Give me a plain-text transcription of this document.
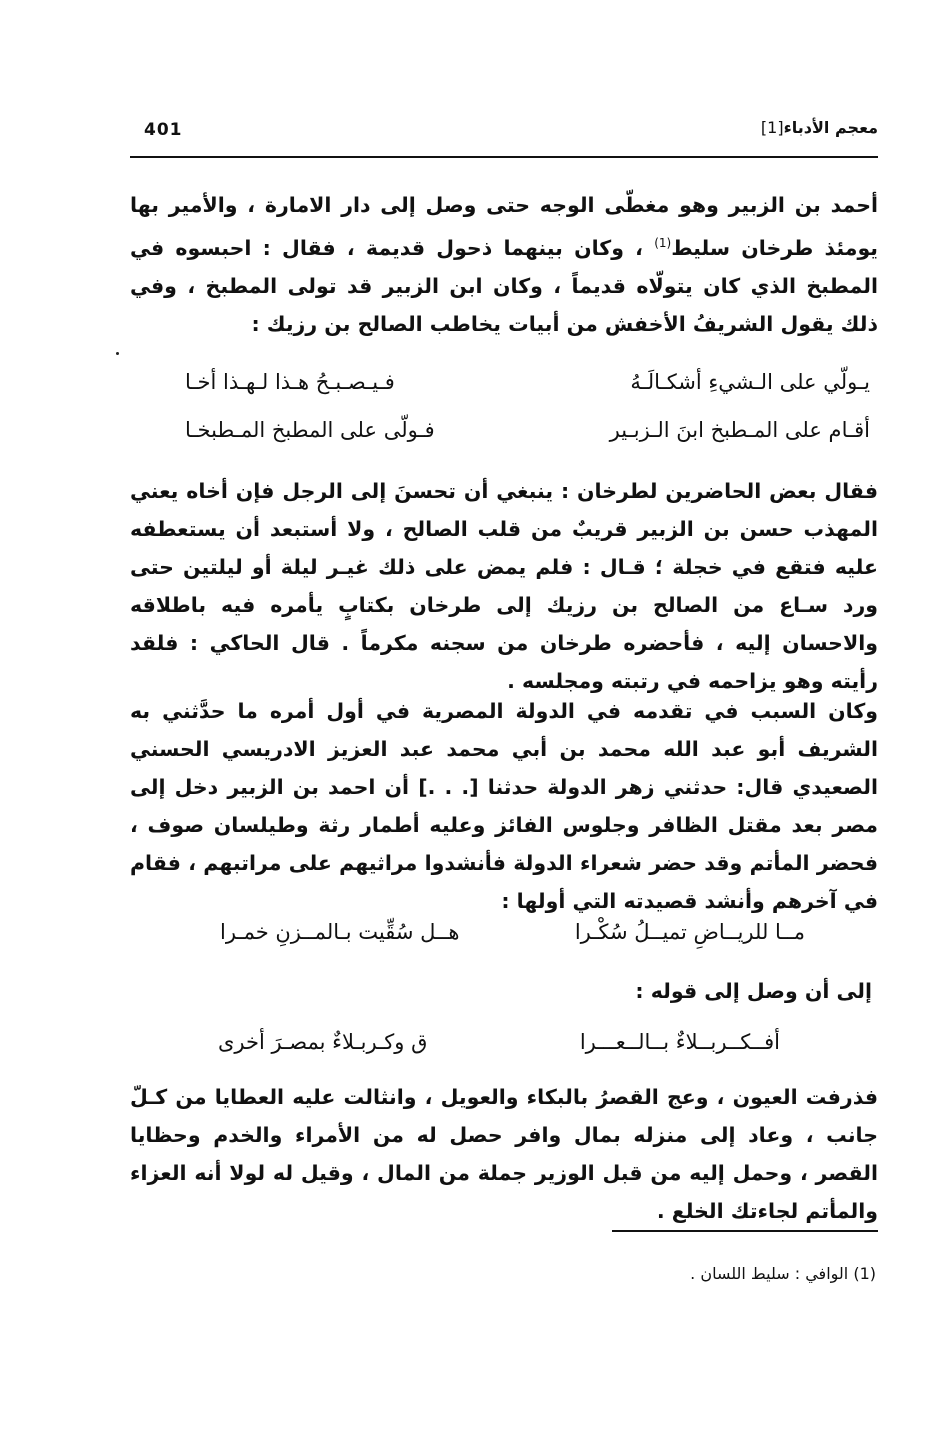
401	معجم الأدباء[1]

أحمد بن الزبير وهو مغطّى الوجه حتى وصل إلى دار الامارة ، والأمير بها يومئذ طرخان سليط$^{(1)}$ ، وكان بينهما ذحول قديمة ، فقال : احبسوه في المطبخ الذي كان يتولّاه قديماً ، وكان ابن الزبير قد تولى المطبخ ، وفي ذلك يقول الشريفُ الأخفش من أبيات يخاطب الصالح بن رزيك :

يـولّي على الـشيءِ أشكـالَـهُ
فـيـصـبـحُ هـذا لـهـذا أخـا
أقـام على المـطبخ ابنَ الـزبـير
فـولّى على المطبخ المـطبخـا

فقال بعض الحاضرين لطرخان : ينبغي أن تحسنَ إلى الرجل فإن أخاه يعني المهذب حسن بن الزبير قريبٌ من قلب الصالح ، ولا أستبعد أن يستعطفه عليه فتقع في خجلة ؛ قـال : فلم يمض على ذلك غيـر ليلة أو ليلتين حتى ورد سـاع من الصالح بن رزيك إلى طرخان بكتابٍ يأمره فيه باطلاقه والاحسان إليه ، فأحضره طرخان من سجنه مكرماً . قال الحاكي : فلقد رأيته وهو يزاحمه في رتبته ومجلسه .

وكان السبب في تقدمه في الدولة المصرية في أول أمره ما حدَّثني به الشريف أبو عبد الله محمد بن أبي محمد عبد العزيز الادريسي الحسني الصعيدي قال: حدثني زهر الدولة حدثنا [. . .] أن احمد بن الزبير دخل إلى مصر بعد مقتل الظافر وجلوس الفائز وعليه أطمار رثة وطيلسان صوف ، فحضر المأتم وقد حضر شعراء الدولة فأنشدوا مراثيهم على مراتبهم ، فقام في آخرهم وأنشد قصيدته التي أولها :

مــا للريــاضِ تميــلُ سُكْـرا
هــل سُقِّيت بـالمــزنِ خمـرا
إلى أن وصل إلى قوله :
أفــكــربــلاءٌ بــالــعـــرا
ق وكـربـلاءٌ بمصـرَ أخرى

فذرفت العيون ، وعج القصرُ بالبكاء والعويل ، وانثالت عليه العطايا من كـلّ جانب ، وعاد إلى منزله بمال وافر حصل له من الأمراء والخدم وحظايا القصر ، وحمل إليه من قبل الوزير جملة من المال ، وقيل له لولا أنه العزاء والمأتم لجاءتك الخلع .

(1) الوافي : سليط اللسان .
